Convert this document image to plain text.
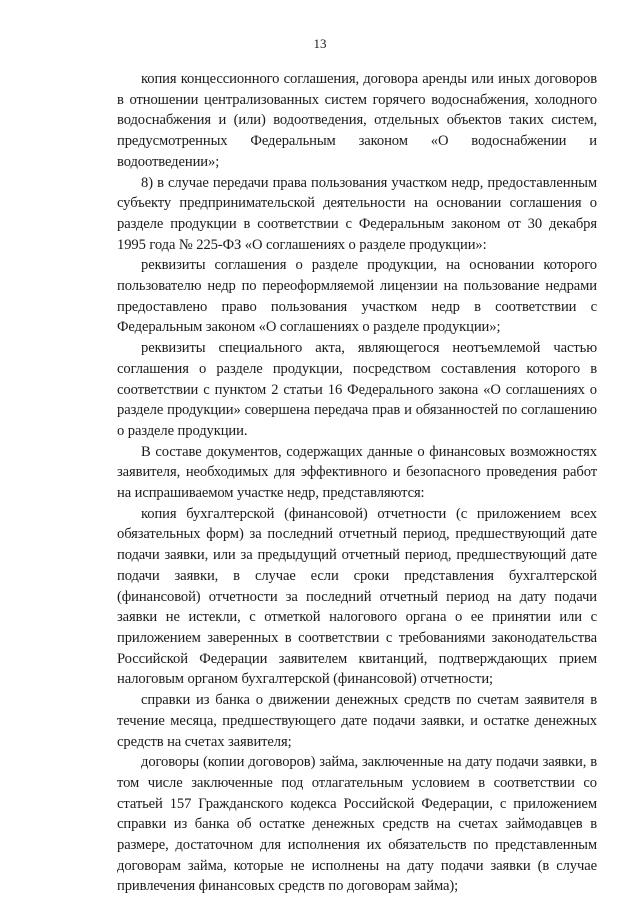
13

копия концессионного соглашения, договора аренды или иных договоров в отношении централизованных систем горячего водоснабжения, холодного водоснабжения и (или) водоотведения, отдельных объектов таких систем, предусмотренных Федеральным законом «О водоснабжении и водоотведении»;

8) в случае передачи права пользования участком недр, предоставленным субъекту предпринимательской деятельности на основании соглашения о разделе продукции в соответствии с Федеральным законом от 30 декабря 1995 года № 225-ФЗ «О соглашениях о разделе продукции»:

реквизиты соглашения о разделе продукции, на основании которого пользователю недр по переоформляемой лицензии на пользование недрами предоставлено право пользования участком недр в соответствии с Федеральным законом «О соглашениях о разделе продукции»;

реквизиты специального акта, являющегося неотъемлемой частью соглашения о разделе продукции, посредством составления которого в соответствии с пунктом 2 статьи 16 Федерального закона «О соглашениях о разделе продукции» совершена передача прав и обязанностей по соглашению о разделе продукции.

В составе документов, содержащих данные о финансовых возможностях заявителя, необходимых для эффективного и безопасного проведения работ на испрашиваемом участке недр, представляются:

копия бухгалтерской (финансовой) отчетности (с приложением всех обязательных форм) за последний отчетный период, предшествующий дате подачи заявки, или за предыдущий отчетный период, предшествующий дате подачи заявки, в случае если сроки представления бухгалтерской (финансовой) отчетности за последний отчетный период на дату подачи заявки не истекли, с отметкой налогового органа о ее принятии или с приложением заверенных в соответствии с требованиями законодательства Российской Федерации заявителем квитанций, подтверждающих прием налоговым органом бухгалтерской (финансовой) отчетности;

справки из банка о движении денежных средств по счетам заявителя в течение месяца, предшествующего дате подачи заявки, и остатке денежных средств на счетах заявителя;

договоры (копии договоров) займа, заключенные на дату подачи заявки, в том числе заключенные под отлагательным условием в соответствии со статьей 157 Гражданского кодекса Российской Федерации, с приложением справки из банка об остатке денежных средств на счетах займодавцев в размере, достаточном для исполнения их обязательств по представленным договорам займа, которые не исполнены на дату подачи заявки (в случае привлечения финансовых средств по договорам займа);
